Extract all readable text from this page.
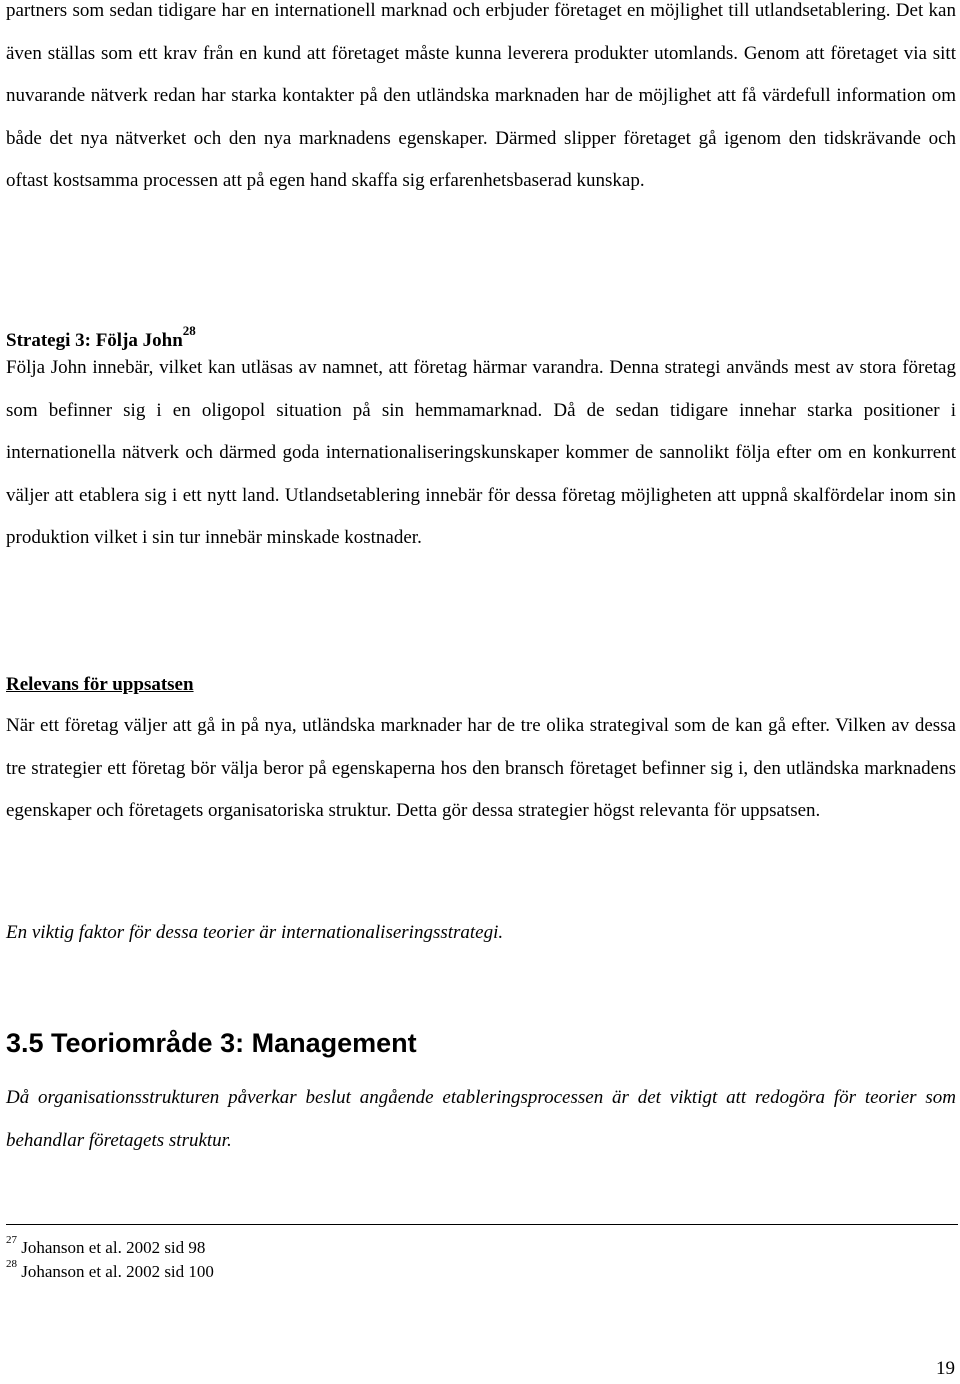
partners som sedan tidigare har en internationell marknad och erbjuder företaget en möjlighet till utlandsetablering. Det kan även ställas som ett krav från en kund att företaget måste kunna leverera produkter utomlands. Genom att företaget via sitt nuvarande nätverk redan har starka kontakter på den utländska marknaden har de möjlighet att få värdefull information om både det nya nätverket och den nya marknadens egenskaper. Därmed slipper företaget gå igenom den tidskrävande och oftast kostsamma processen att på egen hand skaffa sig erfarenhetsbaserad kunskap.

Strategi 3: Följa John$^{28}$

Följa John innebär, vilket kan utläsas av namnet, att företag härmar varandra. Denna strategi används mest av stora företag som befinner sig i en oligopol situation på sin hemmamarknad. Då de sedan tidigare innehar starka positioner i internationella nätverk och därmed goda internationaliseringskunskaper kommer de sannolikt följa efter om en konkurrent väljer att etablera sig i ett nytt land. Utlandsetablering innebär för dessa företag möjligheten att uppnå skalfördelar inom sin produktion vilket i sin tur innebär minskade kostnader.

Relevans för uppsatsen

När ett företag väljer att gå in på nya, utländska marknader har de tre olika strategival som de kan gå efter. Vilken av dessa tre strategier ett företag bör välja beror på egenskaperna hos den bransch företaget befinner sig i, den utländska marknadens egenskaper och företagets organisatoriska struktur. Detta gör dessa strategier högst relevanta för uppsatsen.

En viktig faktor för dessa teorier är internationaliseringsstrategi.

3.5 Teoriområde 3: Management

Då organisationsstrukturen påverkar beslut angående etableringsprocessen är det viktigt att redogöra för teorier som behandlar företagets struktur.

$^{27}$ Johanson et al. 2002 sid 98
$^{28}$ Johanson et al. 2002 sid 100
19
